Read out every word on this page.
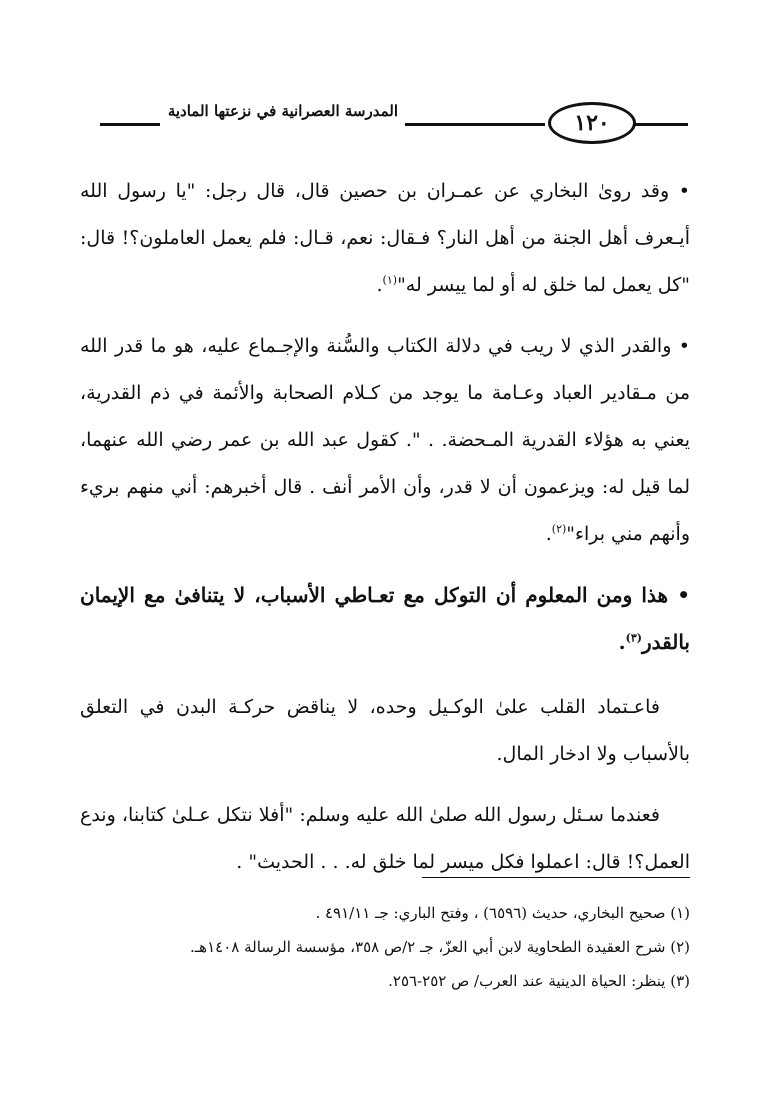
المدرسة العصرانية في نزعتها المادية	١٢٠

• وقد روىٰ البخاري عن عمـران بن حصين قال، قال رجل: "يا رسول الله أيـعرف أهل الجنة من أهل النار؟ فـقال: نعم، قـال: فلم يعمل العاملون؟! قال: "كل يعمل لما خلق له أو لما ييسر له"$^{(١)}$.

• والقدر الذي لا ريب في دلالة الكتاب والسُّنة والإجـماع عليه، هو ما قدر الله من مـقادير العباد وعـامة ما يوجد من كـلام الصحابة والأئمة في ذم القدرية، يعني به هؤلاء القدرية المـحضة. . ". كقول عبد الله بن عمر رضي الله عنهما، لما قيل له: ويزعمون أن لا قدر، وأن الأمر أنف . قال أخبرهم: أني منهم بريء وأنهم مني براء"$^{(٢)}$.

• هذا ومن المعلوم أن التوكل مع تعـاطي الأسباب، لا يتنافىٰ مع الإيمان بالقدر$^{(٣)}$.

فاعـتماد القلب علىٰ الوكـيل وحده، لا يناقض حركـة البدن في التعلق بالأسباب ولا ادخار المال.

فعندما سـئل رسول الله صلىٰ الله عليه وسلم: "أفلا نتكل عـلىٰ كتابنا، وندع العمل؟! قال: اعملوا فكل ميسر لما خلق له. . . الحديث" .

(١) صحيح البخاري، حديث (٦٥٩٦) ، وفتح الباري: جـ ٤٩١/١١ .

(٢) شرح العقيدة الطحاوية لابن أبي العزّ، جـ ٢/ص ٣٥٨، مؤسسة الرسالة ١٤٠٨هـ.

(٣) ينظر: الحياة الدينية عند العرب/ ص ٢٥٢-٢٥٦.
